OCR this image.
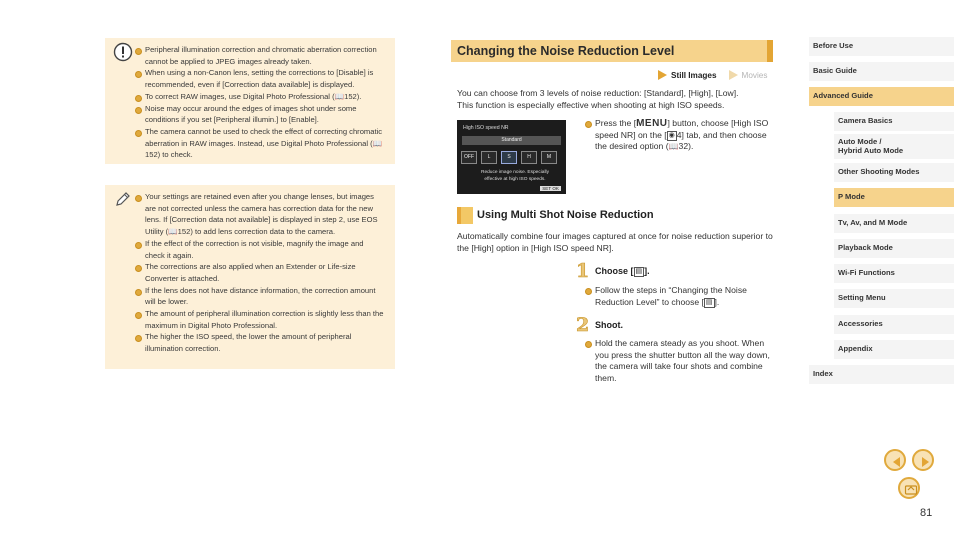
Peripheral illumination correction and chromatic aberration correction cannot be applied to JPEG images already taken.
When using a non-Canon lens, setting the corrections to [Disable] is recommended, even if [Correction data available] is displayed.
To correct RAW images, use Digital Photo Professional (📖152).
Noise may occur around the edges of images shot under some conditions if you set [Peripheral illumin.] to [Enable].
The camera cannot be used to check the effect of correcting chromatic aberration in RAW images. Instead, use Digital Photo Professional (📖152) to check.
Your settings are retained even after you change lenses, but images are not corrected unless the camera has correction data for the new lens. If [Correction data not available] is displayed in step 2, use EOS Utility (📖152) to add lens correction data to the camera.
If the effect of the correction is not visible, magnify the image and check it again.
The corrections are also applied when an Extender or Life-size Converter is attached.
If the lens does not have distance information, the correction amount will be lower.
The amount of peripheral illumination correction is slightly less than the maximum in Digital Photo Professional.
The higher the ISO speed, the lower the amount of peripheral illumination correction.
Changing the Noise Reduction Level
Still Images	Movies
You can choose from 3 levels of noise reduction: [Standard], [High], [Low].
This function is especially effective when shooting at high ISO speeds.
High ISO speed NR
Standard
OFF	L	S	H	M
Reduce image noise. Especially effective at high ISO speeds.
SET OK
Press the [MENU] button, choose [High ISO speed NR] on the [ ◉ 4] tab, and then choose the desired option (📖32).
Using Multi Shot Noise Reduction
Automatically combine four images captured at once for noise reduction superior to the [High] option in [High ISO speed NR].
1 Choose [ ▤ ].
Follow the steps in “Changing the Noise Reduction Level” to choose [ ▤ ].
2 Shoot.
Hold the camera steady as you shoot. When you press the shutter button all the way down, the camera will take four shots and combine them.
Before Use
Basic Guide
Advanced Guide
Camera Basics
Auto Mode /
Hybrid Auto Mode
Other Shooting Modes
P Mode
Tv, Av, and M Mode
Playback Mode
Wi-Fi Functions
Setting Menu
Accessories
Appendix
Index
81
